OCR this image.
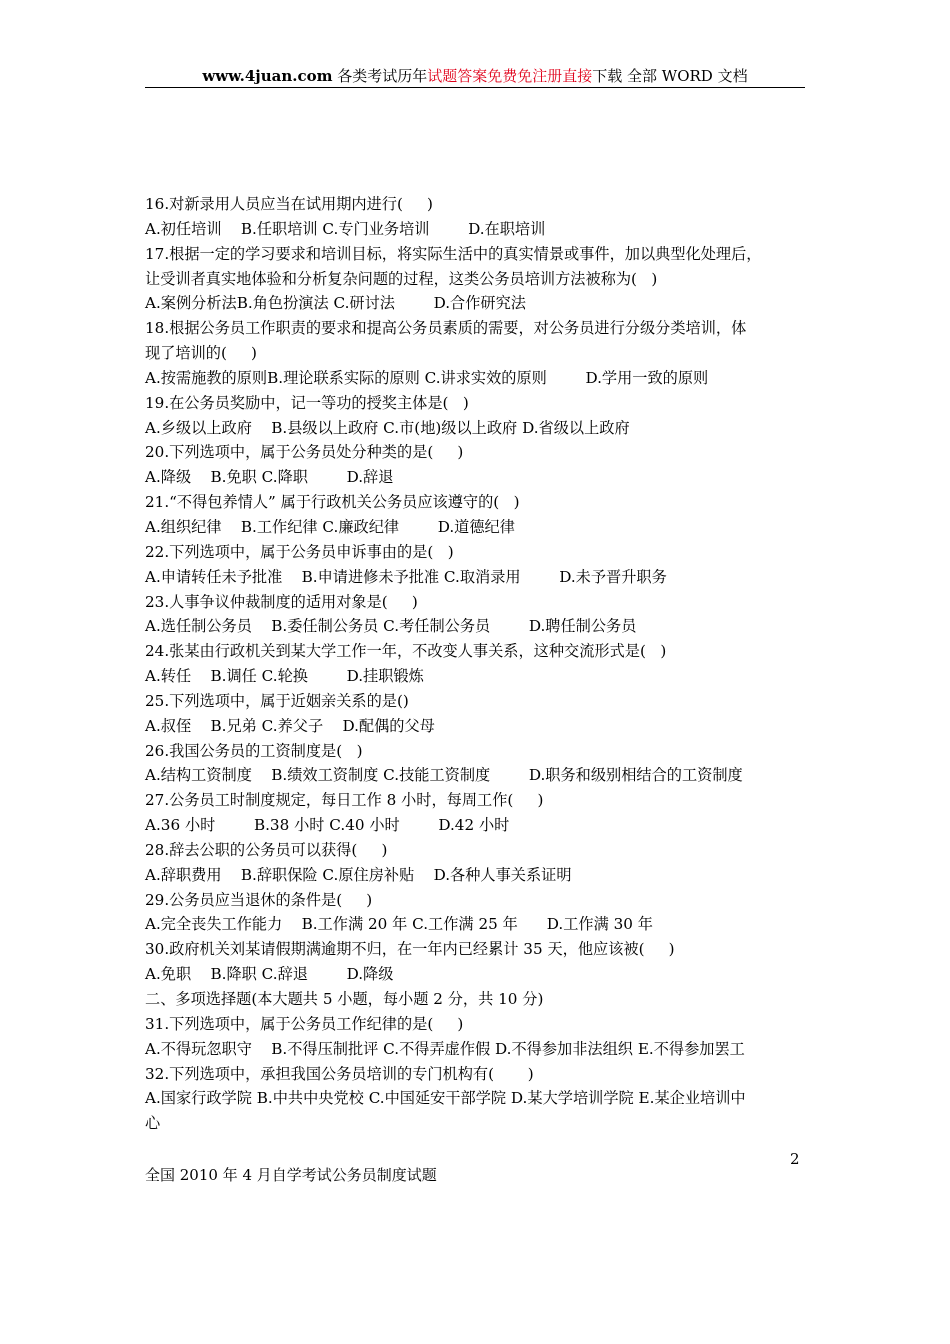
www.4juan.com 各类考试历年试题答案免费免注册直接下载 全部 WORD 文档
16.对新录用人员应当在试用期内进行(     )
A.初任培训    B.任职培训 C.专门业务培训        D.在职培训
17.根据一定的学习要求和培训目标，将实际生活中的真实情景或事件，加以典型化处理后，
让受训者真实地体验和分析复杂问题的过程，这类公务员培训方法被称为(   )
A.案例分析法B.角色扮演法 C.研讨法        D.合作研究法
18.根据公务员工作职责的要求和提高公务员素质的需要，对公务员进行分级分类培训，体
现了培训的(     )
A.按需施教的原则B.理论联系实际的原则 C.讲求实效的原则        D.学用一致的原则
19.在公务员奖励中，记一等功的授奖主体是(   )
A.乡级以上政府    B.县级以上政府 C.市(地)级以上政府 D.省级以上政府
20.下列选项中，属于公务员处分种类的是(     )
A.降级    B.免职 C.降职        D.辞退
21.“不得包养情人” 属于行政机关公务员应该遵守的(   )
A.组织纪律    B.工作纪律 C.廉政纪律        D.道德纪律
22.下列选项中，属于公务员申诉事由的是(   )
A.申请转任未予批准    B.申请进修未予批准 C.取消录用        D.未予晋升职务
23.人事争议仲裁制度的适用对象是(     )
A.选任制公务员    B.委任制公务员 C.考任制公务员        D.聘任制公务员
24.张某由行政机关到某大学工作一年，不改变人事关系，这种交流形式是(   )
A.转任    B.调任 C.轮换        D.挂职锻炼
25.下列选项中，属于近姻亲关系的是()
A.叔侄    B.兄弟 C.养父子    D.配偶的父母
26.我国公务员的工资制度是(   )
A.结构工资制度    B.绩效工资制度 C.技能工资制度        D.职务和级别相结合的工资制度
27.公务员工时制度规定，每日工作 8 小时，每周工作(     )
A.36 小时        B.38 小时 C.40 小时        D.42 小时
28.辞去公职的公务员可以获得(     )
A.辞职费用    B.辞职保险 C.原住房补贴    D.各种人事关系证明
29.公务员应当退休的条件是(     )
A.完全丧失工作能力    B.工作满 20 年 C.工作满 25 年      D.工作满 30 年
30.政府机关刘某请假期满逾期不归，在一年内已经累计 35 天，他应该被(     )
A.免职    B.降职 C.辞退        D.降级
二、多项选择题(本大题共 5 小题，每小题 2 分，共 10 分)
31.下列选项中，属于公务员工作纪律的是(     )
A.不得玩忽职守    B.不得压制批评 C.不得弄虚作假 D.不得参加非法组织 E.不得参加罢工
32.下列选项中，承担我国公务员培训的专门机构有(       )
A.国家行政学院 B.中共中央党校 C.中国延安干部学院 D.某大学培训学院 E.某企业培训中
心
2
全国 2010 年 4 月自学考试公务员制度试题
